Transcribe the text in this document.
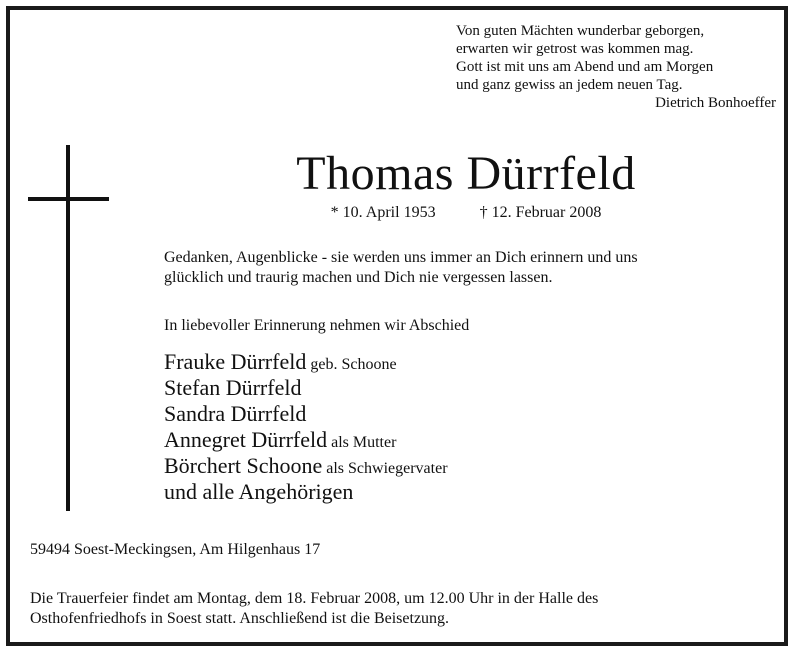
Von guten Mächten wunderbar geborgen,
erwarten wir getrost was kommen mag.
Gott ist mit uns am Abend und am Morgen
und ganz gewiss an jedem neuen Tag.
Dietrich Bonhoeffer
Thomas Dürrfeld
* 10. April 1953	† 12. Februar 2008
Gedanken, Augenblicke - sie werden uns immer an Dich erinnern und uns
glücklich und traurig machen und Dich nie vergessen lassen.
In liebevoller Erinnerung nehmen wir Abschied
Frauke Dürrfeld geb. Schoone
Stefan Dürrfeld
Sandra Dürrfeld
Annegret Dürrfeld als Mutter
Börchert Schoone als Schwiegervater
und alle Angehörigen
59494 Soest-Meckingsen, Am Hilgenhaus 17
Die Trauerfeier findet am Montag, dem 18. Februar 2008, um 12.00 Uhr in der Halle des
Osthofenfriedhofs in Soest statt. Anschließend ist die Beisetzung.
